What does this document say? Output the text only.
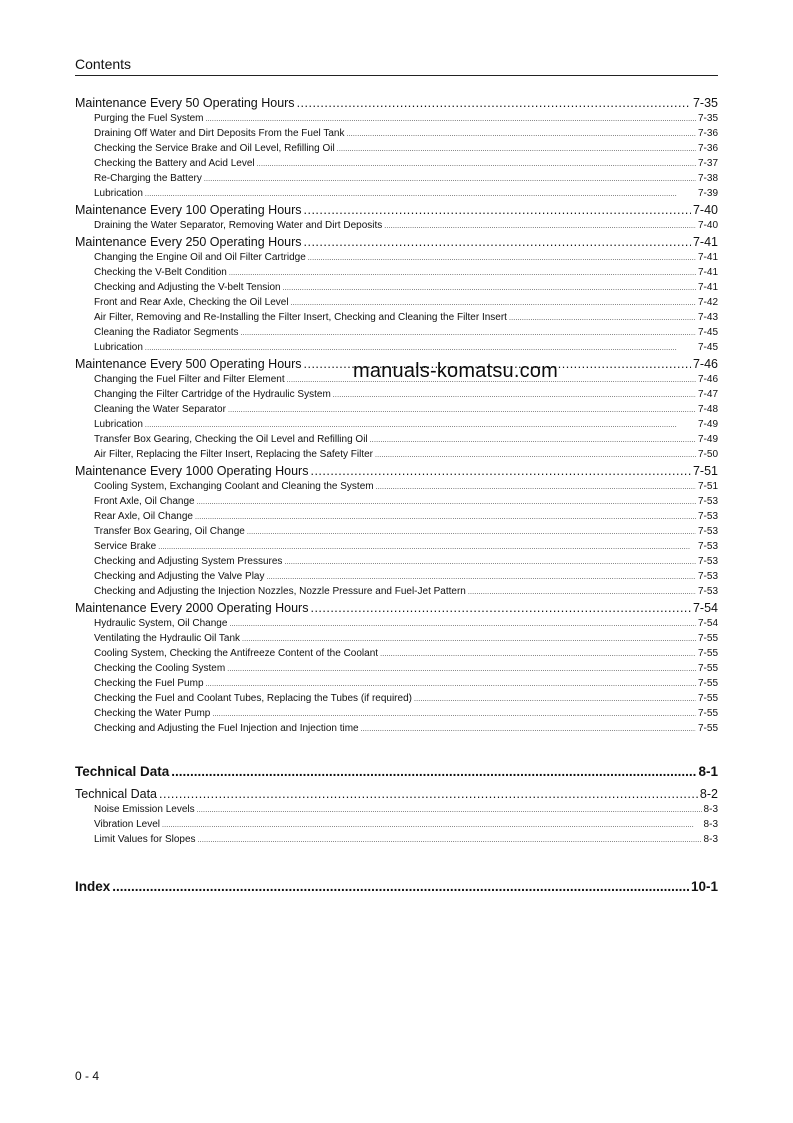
Contents
Maintenance Every 50 Operating Hours .....	7-35
Purging the Fuel System .....	7-35
Draining Off Water and Dirt Deposits From the Fuel Tank .....	7-36
Checking the Service Brake and Oil Level, Refilling Oil .....	7-36
Checking the Battery and Acid Level .....	7-37
Re-Charging the Battery .....	7-38
Lubrication .....	7-39
Maintenance Every 100 Operating Hours .....	7-40
Draining the Water Separator, Removing Water and Dirt Deposits .....	7-40
Maintenance Every 250 Operating Hours .....	7-41
Changing the Engine Oil and Oil Filter Cartridge .....	7-41
Checking the V-Belt Condition .....	7-41
Checking and Adjusting the V-belt Tension .....	7-41
Front and Rear Axle, Checking the Oil Level .....	7-42
Air Filter, Removing and Re-Installing the Filter Insert, Checking and Cleaning the Filter Insert .....	7-43
Cleaning the Radiator Segments .....	7-45
Lubrication .....	7-45
Maintenance Every 500 Operating Hours .....	7-46
Changing the Fuel Filter and Filter Element .....	7-46
Changing the Filter Cartridge of the Hydraulic System .....	7-47
Cleaning the Water Separator .....	7-48
Lubrication .....	7-49
Transfer Box Gearing, Checking the Oil Level and Refilling Oil .....	7-49
Air Filter, Replacing the Filter Insert, Replacing the Safety Filter .....	7-50
Maintenance Every 1000 Operating Hours .....	7-51
Cooling System, Exchanging Coolant and Cleaning the System .....	7-51
Front Axle, Oil Change .....	7-53
Rear Axle, Oil Change .....	7-53
Transfer Box Gearing, Oil Change .....	7-53
Service Brake .....	7-53
Checking and Adjusting System Pressures .....	7-53
Checking and Adjusting the Valve Play .....	7-53
Checking and Adjusting the Injection Nozzles, Nozzle Pressure and Fuel-Jet Pattern .....	7-53
Maintenance Every 2000 Operating Hours .....	7-54
Hydraulic System, Oil Change .....	7-54
Ventilating the Hydraulic Oil Tank .....	7-55
Cooling System, Checking the Antifreeze Content of the Coolant .....	7-55
Checking the Cooling System .....	7-55
Checking the Fuel Pump .....	7-55
Checking the Fuel and Coolant Tubes, Replacing the Tubes (if required) .....	7-55
Checking the Water Pump .....	7-55
Checking and Adjusting the Fuel Injection and Injection time .....	7-55
Technical Data .....	8-1
Technical Data .....	8-2
Noise Emission Levels .....	8-3
Vibration Level .....	8-3
Limit Values for Slopes .....	8-3
Index .....	10-1
manuals-komatsu.com
0 - 4
